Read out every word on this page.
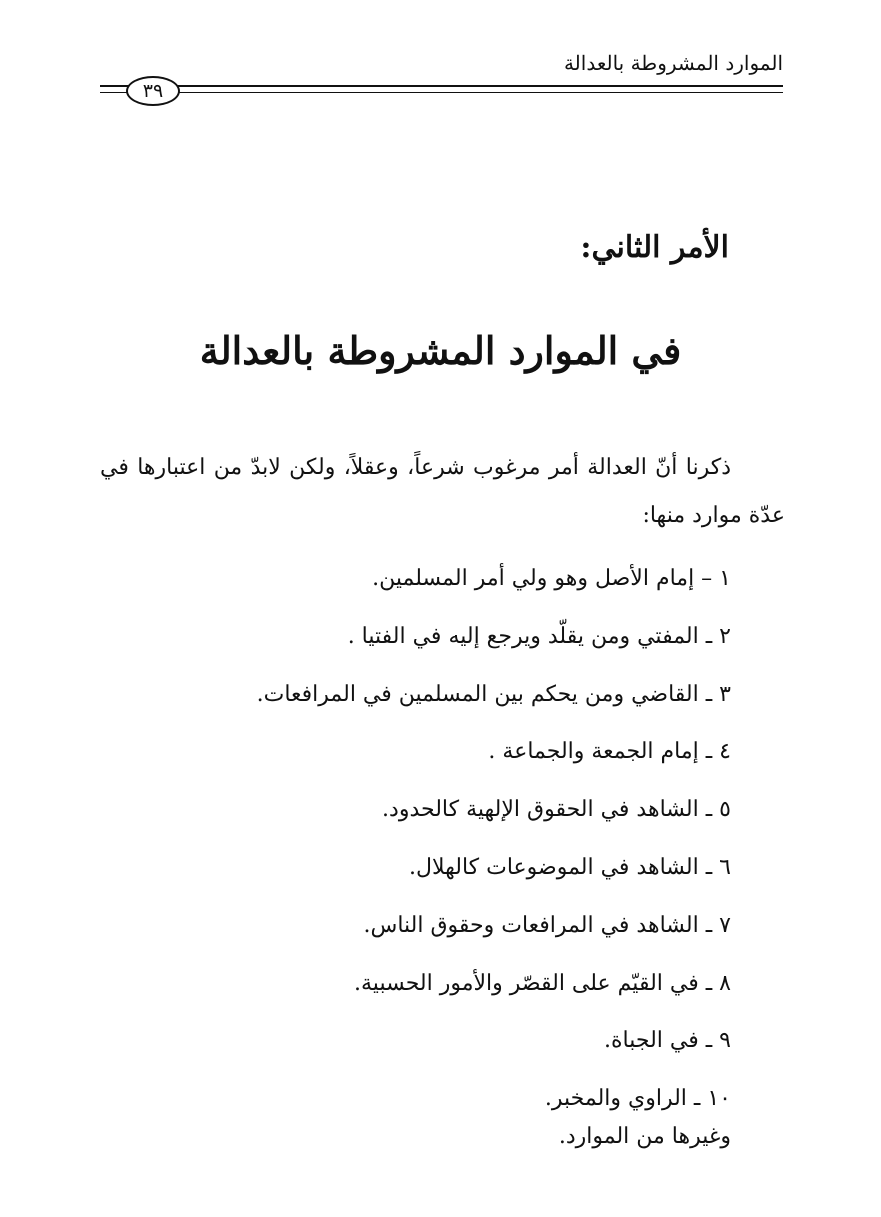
الموارد المشروطة بالعدالة
٣٩
الأمر الثاني:
في الموارد المشروطة بالعدالة

ذكرنا أنّ العدالة أمر مرغوب شرعاً، وعقلاً، ولكن لابدّ من اعتبارها في عدّة موارد منها:

١ – إمام الأصل وهو ولي أمر المسلمين.
٢ ـ المفتي ومن يقلّد ويرجع إليه في الفتيا .
٣ ـ القاضي ومن يحكم بين المسلمين في المرافعات.
٤ ـ إمام الجمعة والجماعة .
٥ ـ الشاهد في الحقوق الإلهية كالحدود.
٦ ـ الشاهد في الموضوعات كالهلال.
٧ ـ الشاهد في المرافعات وحقوق الناس.
٨ ـ في القيّم على القصّر والأمور الحسبية.
٩ ـ في الجباة.
١٠ ـ الراوي والمخبر.
وغيرها من الموارد.
